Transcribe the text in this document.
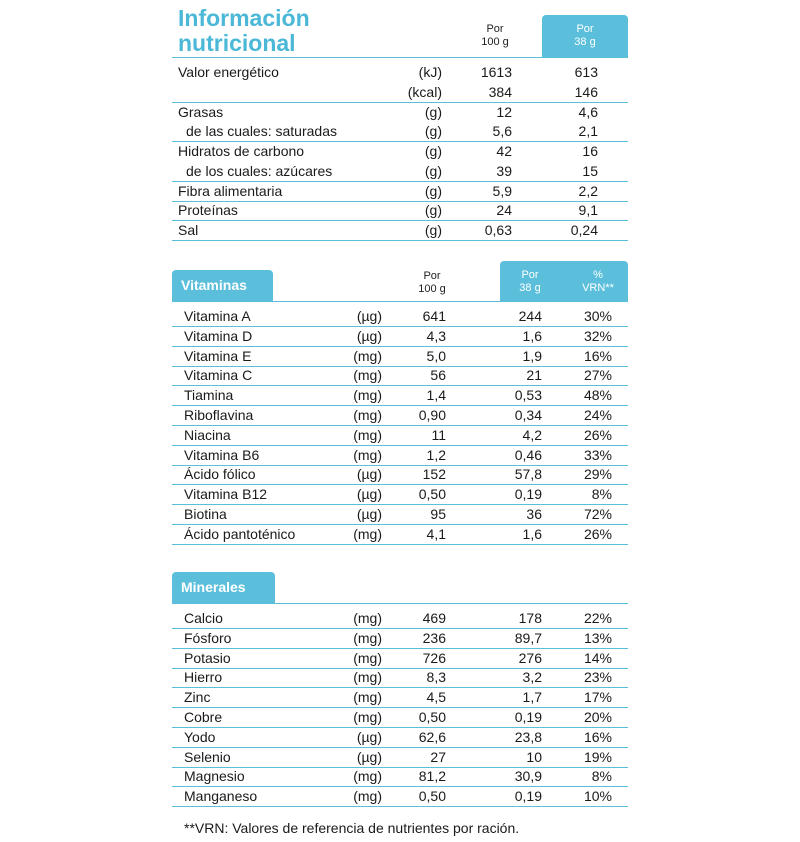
Información
nutricional
Por
100 g
Por
38 g
Valor energético	(kJ)	1613	613
(kcal)	384	146
Grasas	(g)	12	4,6
de las cuales: saturadas	(g)	5,6	2,1
Hidratos de carbono	(g)	42	16
de los cuales: azúcares	(g)	39	15
Fibra alimentaria	(g)	5,9	2,2
Proteínas	(g)	24	9,1
Sal	(g)	0,63	0,24
Vitaminas
Por
100 g
Por
38 g
%
VRN**
Vitamina A	(µg)	641	244	30%
Vitamina D	(µg)	4,3	1,6	32%
Vitamina E	(mg)	5,0	1,9	16%
Vitamina C	(mg)	56	21	27%
Tiamina	(mg)	1,4	0,53	48%
Riboflavina	(mg)	0,90	0,34	24%
Niacina	(mg)	11	4,2	26%
Vitamina B6	(mg)	1,2	0,46	33%
Ácido fólico	(µg)	152	57,8	29%
Vitamina B12	(µg)	0,50	0,19	8%
Biotina	(µg)	95	36	72%
Ácido pantoténico	(mg)	4,1	1,6	26%
Minerales
Calcio	(mg)	469	178	22%
Fósforo	(mg)	236	89,7	13%
Potasio	(mg)	726	276	14%
Hierro	(mg)	8,3	3,2	23%
Zinc	(mg)	4,5	1,7	17%
Cobre	(mg)	0,50	0,19	20%
Yodo	(µg)	62,6	23,8	16%
Selenio	(µg)	27	10	19%
Magnesio	(mg)	81,2	30,9	8%
Manganeso	(mg)	0,50	0,19	10%
**VRN: Valores de referencia de nutrientes por ración.
